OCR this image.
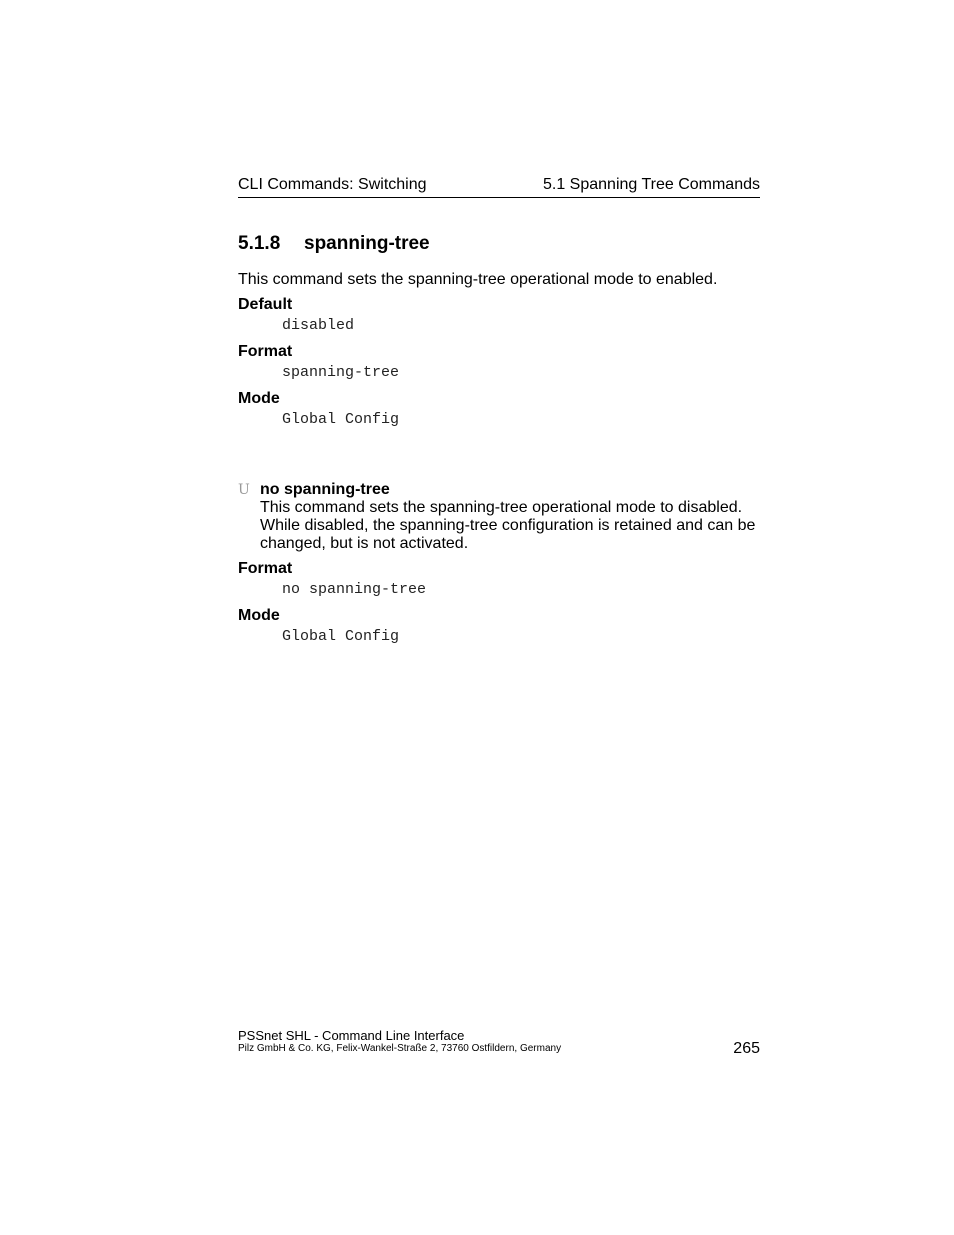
CLI Commands: Switching	5.1 Spanning Tree Commands
5.1.8 spanning-tree
This command sets the spanning-tree operational mode to enabled.
Default
disabled
Format
spanning-tree
Mode
Global Config
U no spanning-tree
This command sets the spanning-tree operational mode to disabled. While disabled, the spanning-tree configuration is retained and can be changed, but is not activated.
Format
no spanning-tree
Mode
Global Config
PSSnet SHL - Command Line Interface
Pilz GmbH & Co. KG, Felix-Wankel-Straße 2, 73760 Ostfildern, Germany	265
